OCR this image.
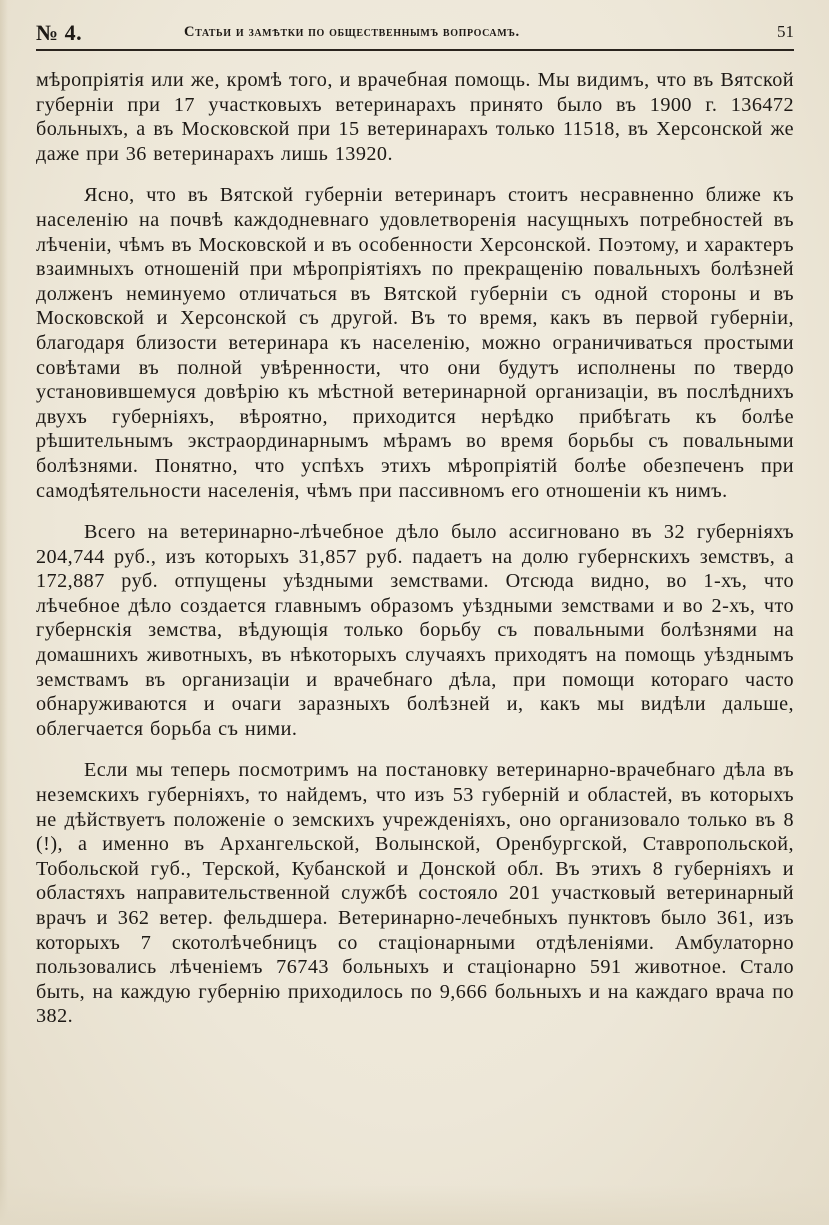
№ 4.	Статьи и замѣтки по общественнымъ вопросамъ.	51

мѣропріятія или же, кромѣ того, и врачебная помощь. Мы видимъ, что въ Вятской губерніи при 17 участковыхъ ветеринарахъ принято было въ 1900 г. 136472 больныхъ, а въ Московской при 15 ветеринарахъ только 11518, въ Херсонской же даже при 36 ветеринарахъ лишь 13920.

Ясно, что въ Вятской губерніи ветеринаръ стоитъ несравненно ближе къ населенію на почвѣ каждодневнаго удовлетворенія насущныхъ потребностей въ лѣченіи, чѣмъ въ Московской и въ особенности Херсонской. Поэтому, и характеръ взаимныхъ отношеній при мѣропріятіяхъ по прекращенію повальныхъ болѣзней долженъ неминуемо отличаться въ Вятской губерніи съ одной стороны и въ Московской и Херсонской съ другой. Въ то время, какъ въ первой губерніи, благодаря близости ветеринара къ населенію, можно ограничиваться простыми совѣтами въ полной увѣренности, что они будутъ исполнены по твердо установившемуся довѣрію къ мѣстной ветеринарной организаціи, въ послѣднихъ двухъ губерніяхъ, вѣроятно, приходится нерѣдко прибѣгать къ болѣе рѣшительнымъ экстраординарнымъ мѣрамъ во время борьбы съ повальными болѣзнями. Понятно, что успѣхъ этихъ мѣропріятій болѣе обезпеченъ при самодѣятельности населенія, чѣмъ при пассивномъ его отношеніи къ нимъ.

Всего на ветеринарно-лѣчебное дѣло было ассигновано въ 32 губерніяхъ 204,744 руб., изъ которыхъ 31,857 руб. падаетъ на долю губернскихъ земствъ, а 172,887 руб. отпущены уѣздными земствами. Отсюда видно, во 1-хъ, что лѣчебное дѣло создается главнымъ образомъ уѣздными земствами и во 2-хъ, что губернскія земства, вѣдующія только борьбу съ повальными болѣзнями на домашнихъ животныхъ, въ нѣкоторыхъ случаяхъ приходятъ на помощь уѣзднымъ земствамъ въ организаціи и врачебнаго дѣла, при помощи котораго часто обнаруживаются и очаги заразныхъ болѣзней и, какъ мы видѣли дальше, облегчается борьба съ ними.

Если мы теперь посмотримъ на постановку ветеринарно-врачебнаго дѣла въ неземскихъ губерніяхъ, то найдемъ, что изъ 53 губерній и областей, въ которыхъ не дѣйствуетъ положеніе о земскихъ учрежденіяхъ, оно организовало только въ 8 (!), а именно въ Архангельской, Волынской, Оренбургской, Ставропольской, Тобольской губ., Терской, Кубанской и Донской обл. Въ этихъ 8 губерніяхъ и областяхъ направительственной службѣ состояло 201 участковый ветеринарный врачъ и 362 ветер. фельдшера. Ветеринарно-лечебныхъ пунктовъ было 361, изъ которыхъ 7 скотолѣчебницъ со стаціонарными отдѣленіями. Амбулаторно пользовались лѣченіемъ 76743 больныхъ и стаціонарно 591 животное. Стало быть, на каждую губернію приходилось по 9,666 больныхъ и на каждаго врача по 382.
